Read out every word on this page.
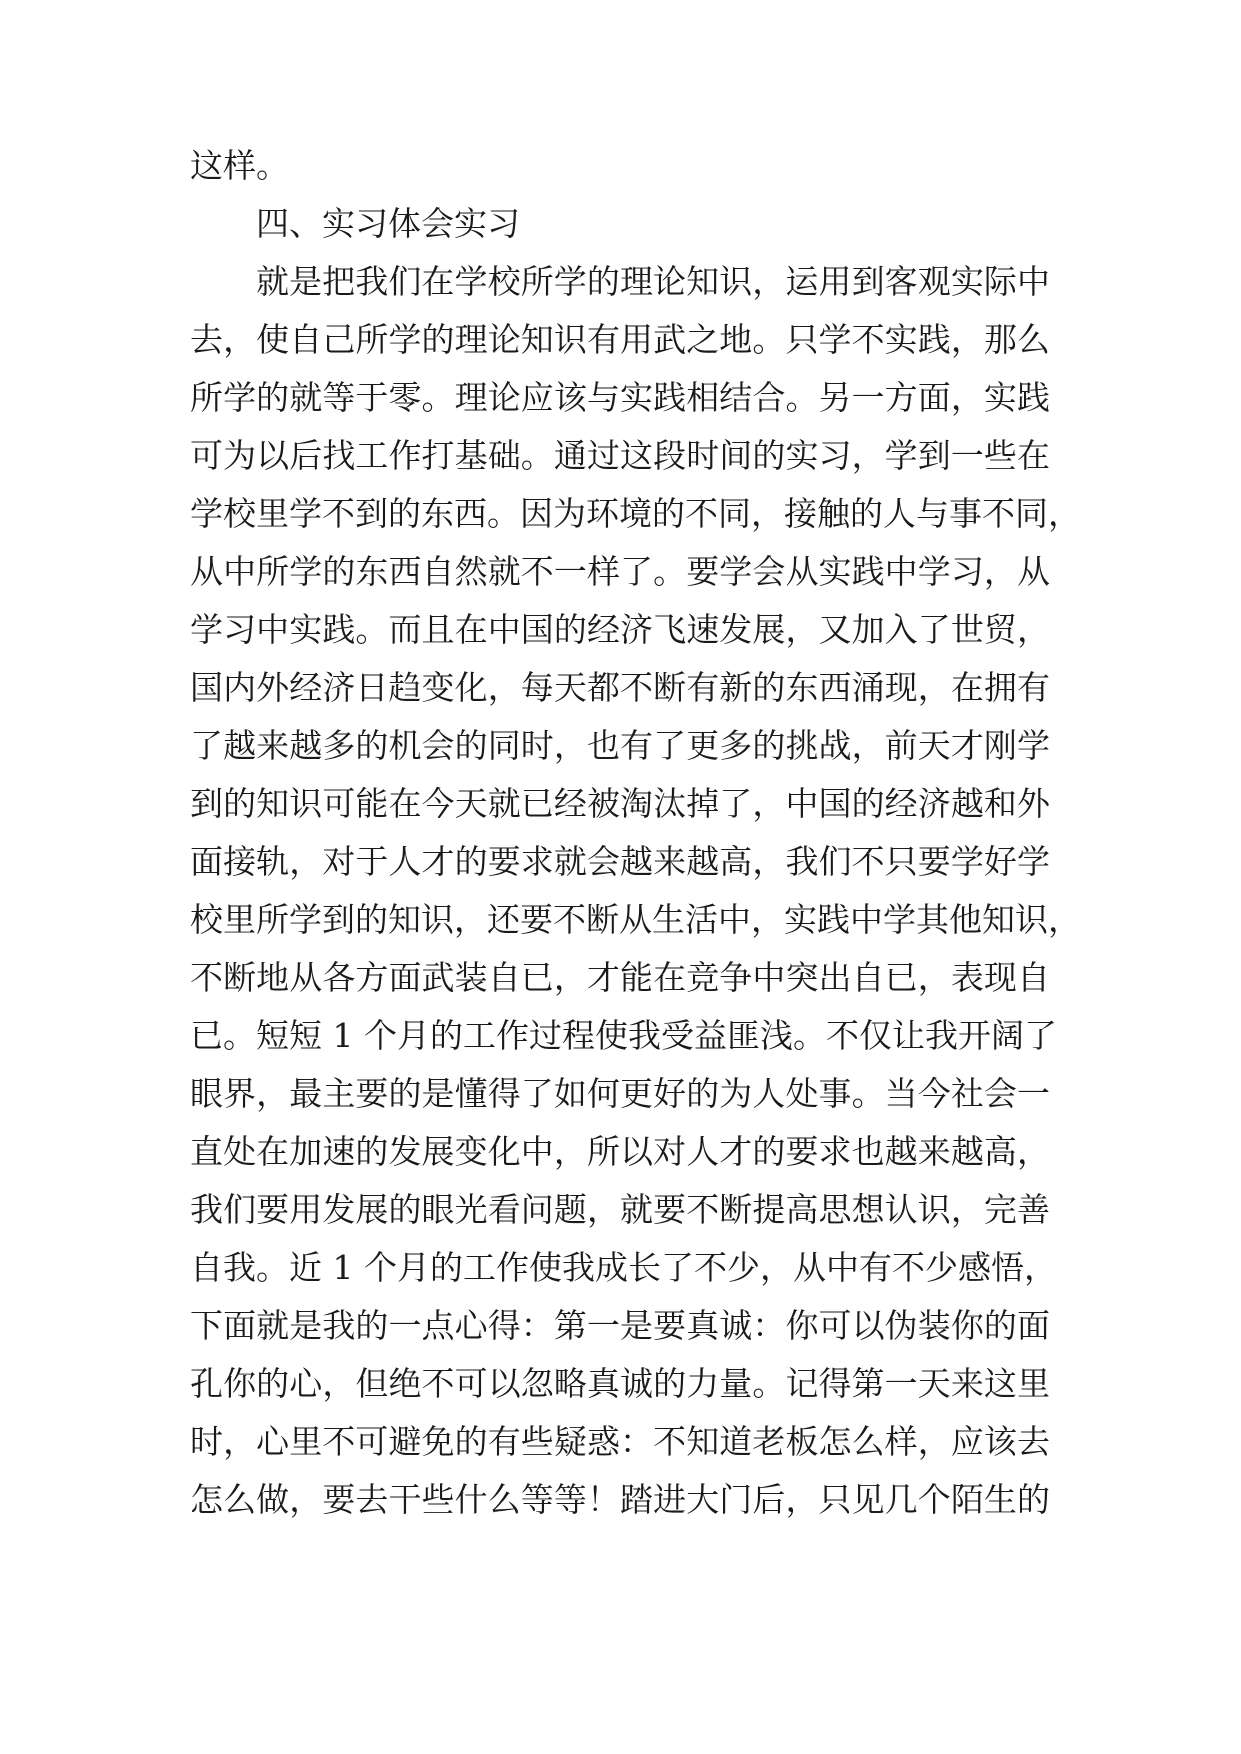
这样。
四、实习体会实习
就是把我们在学校所学的理论知识，运用到客观实际中
去，使自己所学的理论知识有用武之地。只学不实践，那么
所学的就等于零。理论应该与实践相结合。另一方面，实践
可为以后找工作打基础。通过这段时间的实习，学到一些在
学校里学不到的东西。因为环境的不同，接触的人与事不同，
从中所学的东西自然就不一样了。要学会从实践中学习，从
学习中实践。而且在中国的经济飞速发展，又加入了世贸，
国内外经济日趋变化，每天都不断有新的东西涌现，在拥有
了越来越多的机会的同时，也有了更多的挑战，前天才刚学
到的知识可能在今天就已经被淘汰掉了，中国的经济越和外
面接轨，对于人才的要求就会越来越高，我们不只要学好学
校里所学到的知识，还要不断从生活中，实践中学其他知识，
不断地从各方面武装自已，才能在竞争中突出自已，表现自
已。短短 1 个月的工作过程使我受益匪浅。不仅让我开阔了
眼界，最主要的是懂得了如何更好的为人处事。当今社会一
直处在加速的发展变化中，所以对人才的要求也越来越高，
我们要用发展的眼光看问题，就要不断提高思想认识，完善
自我。近 1 个月的工作使我成长了不少，从中有不少感悟，
下面就是我的一点心得：第一是要真诚：你可以伪装你的面
孔你的心，但绝不可以忽略真诚的力量。记得第一天来这里
时，心里不可避免的有些疑惑：不知道老板怎么样，应该去
怎么做，要去干些什么等等！踏进大门后，只见几个陌生的
